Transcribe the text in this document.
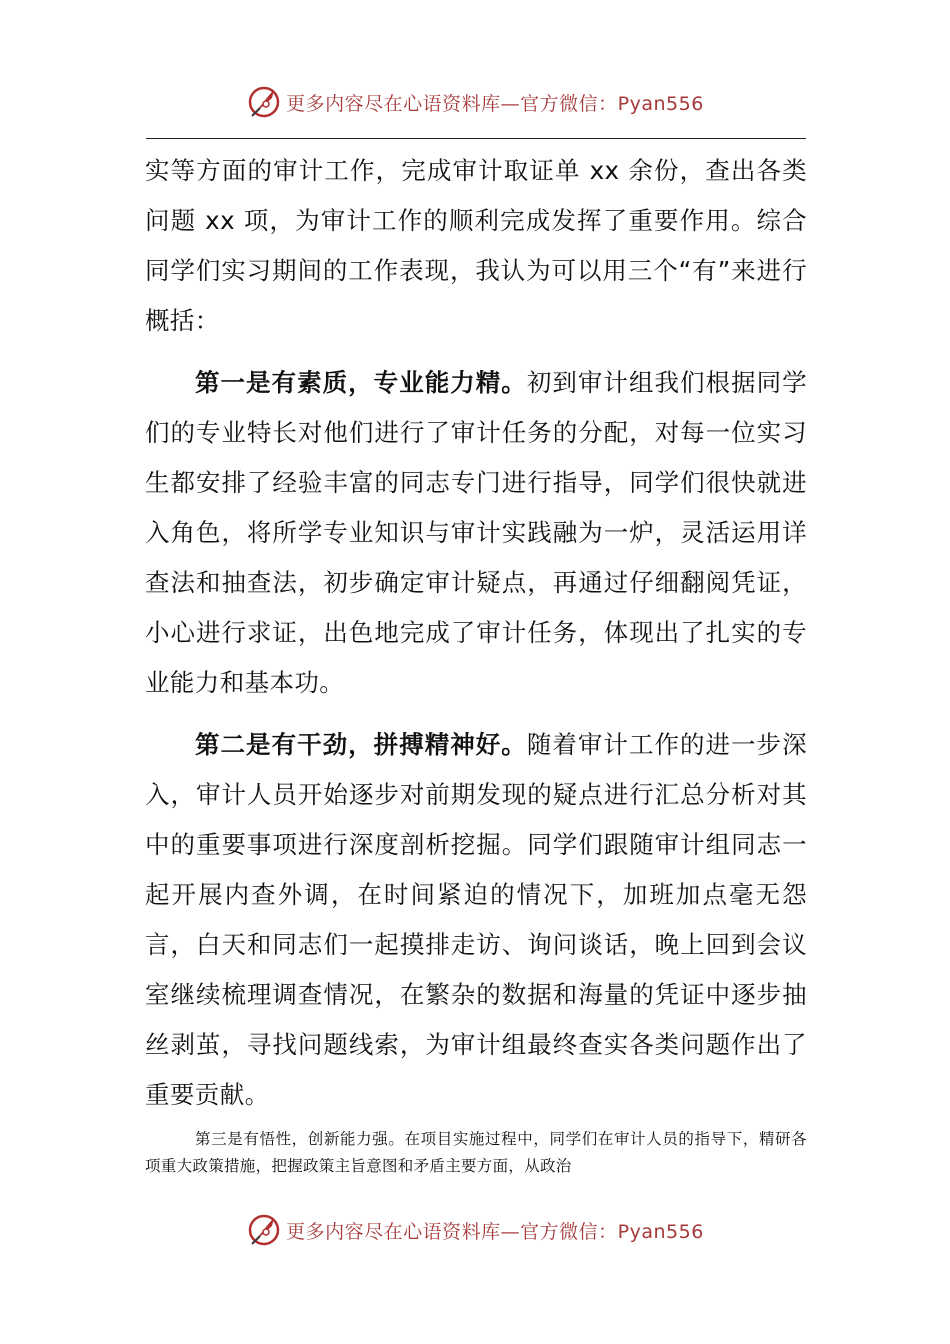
更多内容尽在心语资料库—官方微信：Pyan556

实等方面的审计工作，完成审计取证单 xx 余份，查出各类问题 xx 项，为审计工作的顺利完成发挥了重要作用。综合同学们实习期间的工作表现，我认为可以用三个“有”来进行概括：

第一是有素质，专业能力精。初到审计组我们根据同学们的专业特长对他们进行了审计任务的分配，对每一位实习生都安排了经验丰富的同志专门进行指导，同学们很快就进入角色，将所学专业知识与审计实践融为一炉，灵活运用详查法和抽查法，初步确定审计疑点，再通过仔细翻阅凭证，小心进行求证，出色地完成了审计任务，体现出了扎实的专业能力和基本功。

第二是有干劲，拼搏精神好。随着审计工作的进一步深入，审计人员开始逐步对前期发现的疑点进行汇总分析对其中的重要事项进行深度剖析挖掘。同学们跟随审计组同志一起开展内查外调，在时间紧迫的情况下，加班加点毫无怨言，白天和同志们一起摸排走访、询问谈话，晚上回到会议室继续梳理调查情况，在繁杂的数据和海量的凭证中逐步抽丝剥茧，寻找问题线索，为审计组最终查实各类问题作出了重要贡献。

第三是有悟性，创新能力强。在项目实施过程中，同学们在审计人员的指导下，精研各项重大政策措施，把握政策主旨意图和矛盾主要方面，从政治

更多内容尽在心语资料库—官方微信：Pyan556
